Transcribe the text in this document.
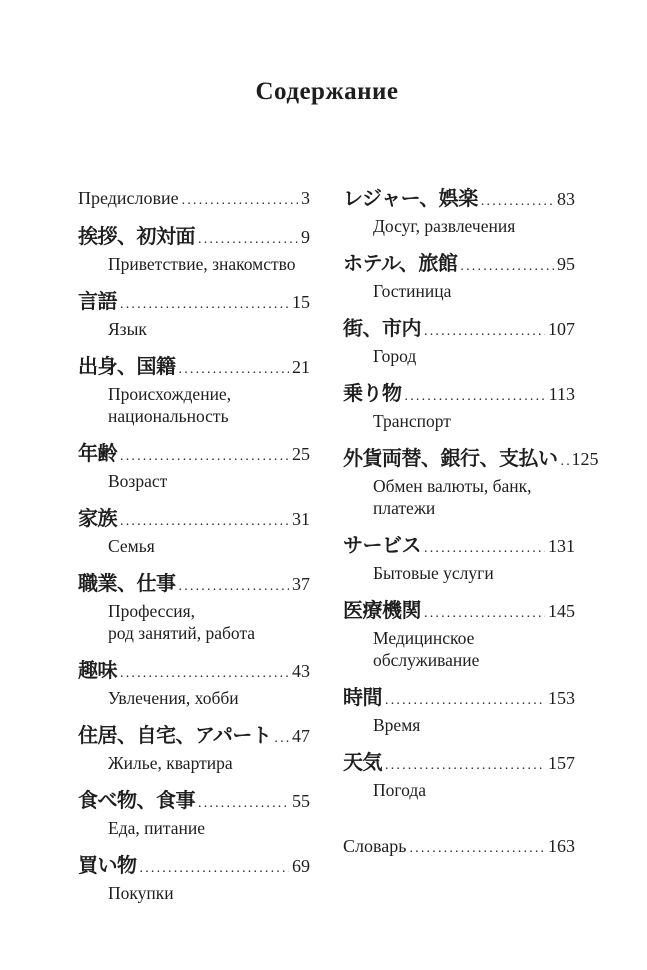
Содержание
Предисловие .....	3
挨拶、初対面 .....	9
Приветствие, знакомство
言語 .....	15
Язык
出身、国籍 .....	21
Происхождение,
национальность
年齢 .....	25
Возраст
家族 .....	31
Семья
職業、仕事 .....	37
Профессия,
род занятий, работа
趣味 .....	43
Увлечения, хобби
住居、自宅、アパート ..... 47
Жилье, квартира
食べ物、食事 .....	55
Еда, питание
買い物 .....	69
Покупки
レジャー、娯楽 .....	83
Досуг, развлечения
ホテル、旅館 .....	95
Гостиница
街、市内 .....	107
Город
乗り物 .....	113
Транспорт
外貨両替、銀行、支払い ..... 125
Обмен валюты, банк,
платежи
サービス .....	131
Бытовые услуги
医療機関 .....	145
Медицинское
обслуживание
時間 .....	153
Время
天気 .....	157
Погода
Словарь .....	163
